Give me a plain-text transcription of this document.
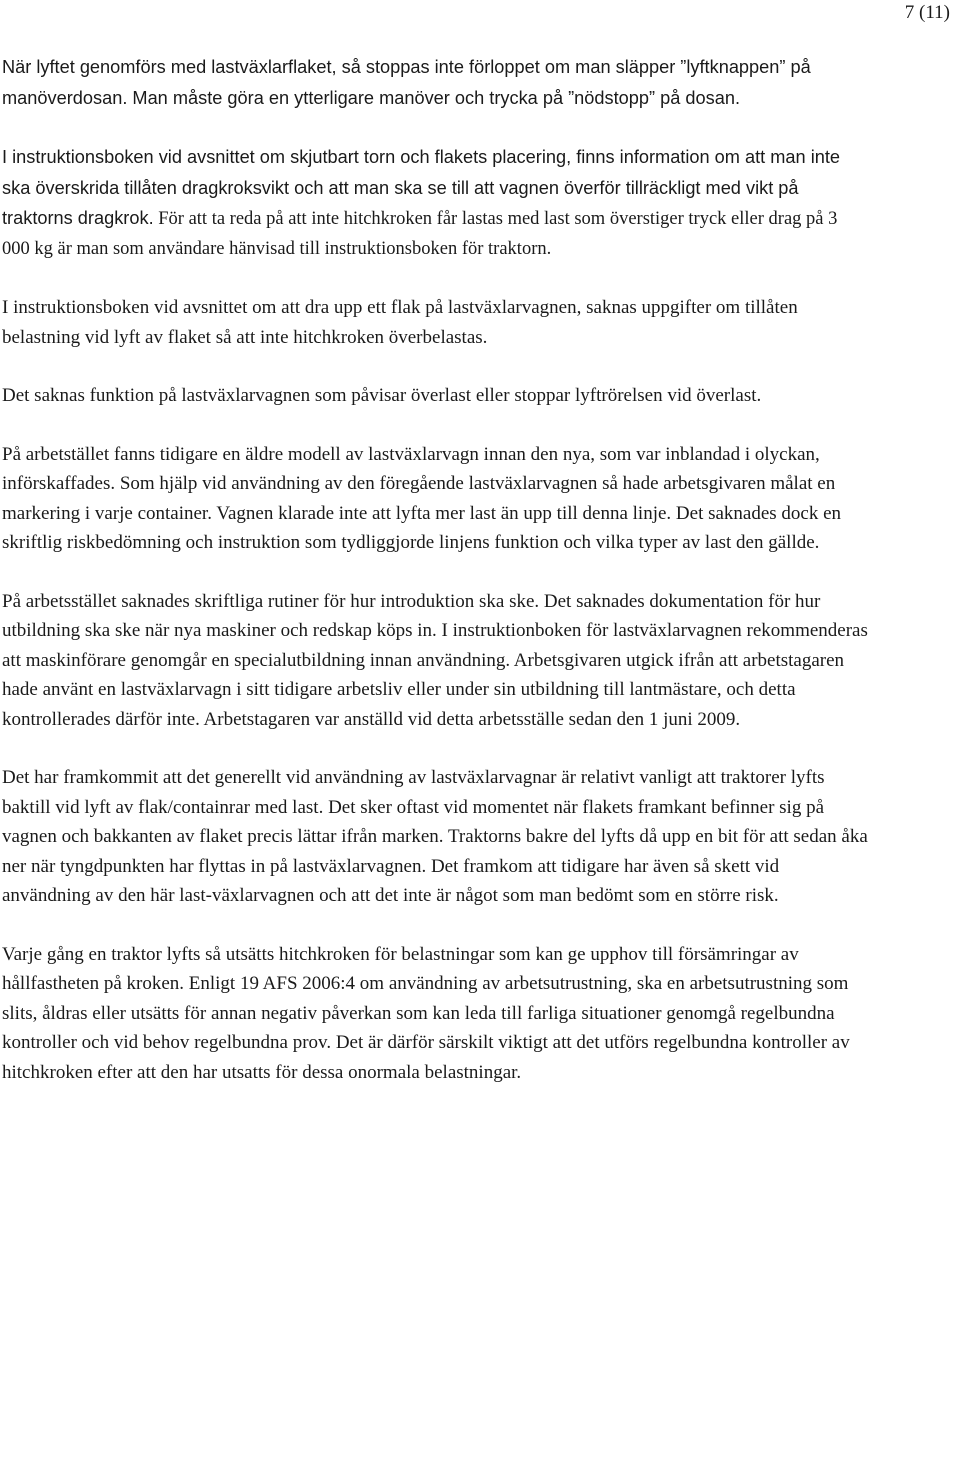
7 (11)

När lyftet genomförs med lastväxlarflaket, så stoppas inte förloppet om man släpper ”lyftknappen” på manöverdosan. Man måste göra en ytterligare manöver och trycka på ”nödstopp” på dosan.

I instruktionsboken vid avsnittet om skjutbart torn och flakets placering, finns information om att man inte ska överskrida tillåten dragkroksvikt och att man ska se till att vagnen överför tillräckligt med vikt på traktorns dragkrok. För att ta reda på att inte hitchkroken får lastas med last som överstiger tryck eller drag på 3 000 kg är man som användare hänvisad till instruktionsboken för traktorn.

I instruktionsboken vid avsnittet om att dra upp ett flak på lastväxlarvagnen, saknas uppgifter om tillåten belastning vid lyft av flaket så att inte hitchkroken överbelastas.

Det saknas funktion på lastväxlarvagnen som påvisar överlast eller stoppar lyftrörelsen vid överlast.

På arbetstället fanns tidigare en äldre modell av lastväxlarvagn innan den nya, som var inblandad i olyckan, införskaffades. Som hjälp vid användning av den föregående lastväxlarvagnen så hade arbetsgivaren målat en markering i varje container. Vagnen klarade inte att lyfta mer last än upp till denna linje. Det saknades dock en skriftlig riskbedömning och instruktion som tydliggjorde linjens funktion och vilka typer av last den gällde.

På arbetsstället saknades skriftliga rutiner för hur introduktion ska ske. Det saknades dokumentation för hur utbildning ska ske när nya maskiner och redskap köps in. I instruktionboken för lastväxlarvagnen rekommenderas att maskinförare genomgår en specialutbildning innan användning. Arbetsgivaren utgick ifrån att arbetstagaren hade använt en lastväxlarvagn i sitt tidigare arbetsliv eller under sin utbildning till lantmästare, och detta kontrollerades därför inte. Arbetstagaren var anställd vid detta arbetsställe sedan den 1 juni 2009.

Det har framkommit att det generellt vid användning av lastväxlarvagnar är relativt vanligt att traktorer lyfts baktill vid lyft av flak/containrar med last. Det sker oftast vid momentet när flakets framkant befinner sig på vagnen och bakkanten av flaket precis lättar ifrån marken. Traktorns bakre del lyfts då upp en bit för att sedan åka ner när tyngdpunkten har flyttas in på lastväxlarvagnen. Det framkom att tidigare har även så skett vid användning av den här last-växlarvagnen och att det inte är något som man bedömt som en större risk.

Varje gång en traktor lyfts så utsätts hitchkroken för belastningar som kan ge upphov till försämringar av hållfastheten på kroken. Enligt 19 AFS 2006:4 om användning av arbetsutrustning, ska en arbetsutrustning som slits, åldras eller utsätts för annan negativ påverkan som kan leda till farliga situationer genomgå regelbundna kontroller och vid behov regelbundna prov. Det är därför särskilt viktigt att det utförs regelbundna kontroller av hitchkroken efter att den har utsatts för dessa onormala belastningar.
